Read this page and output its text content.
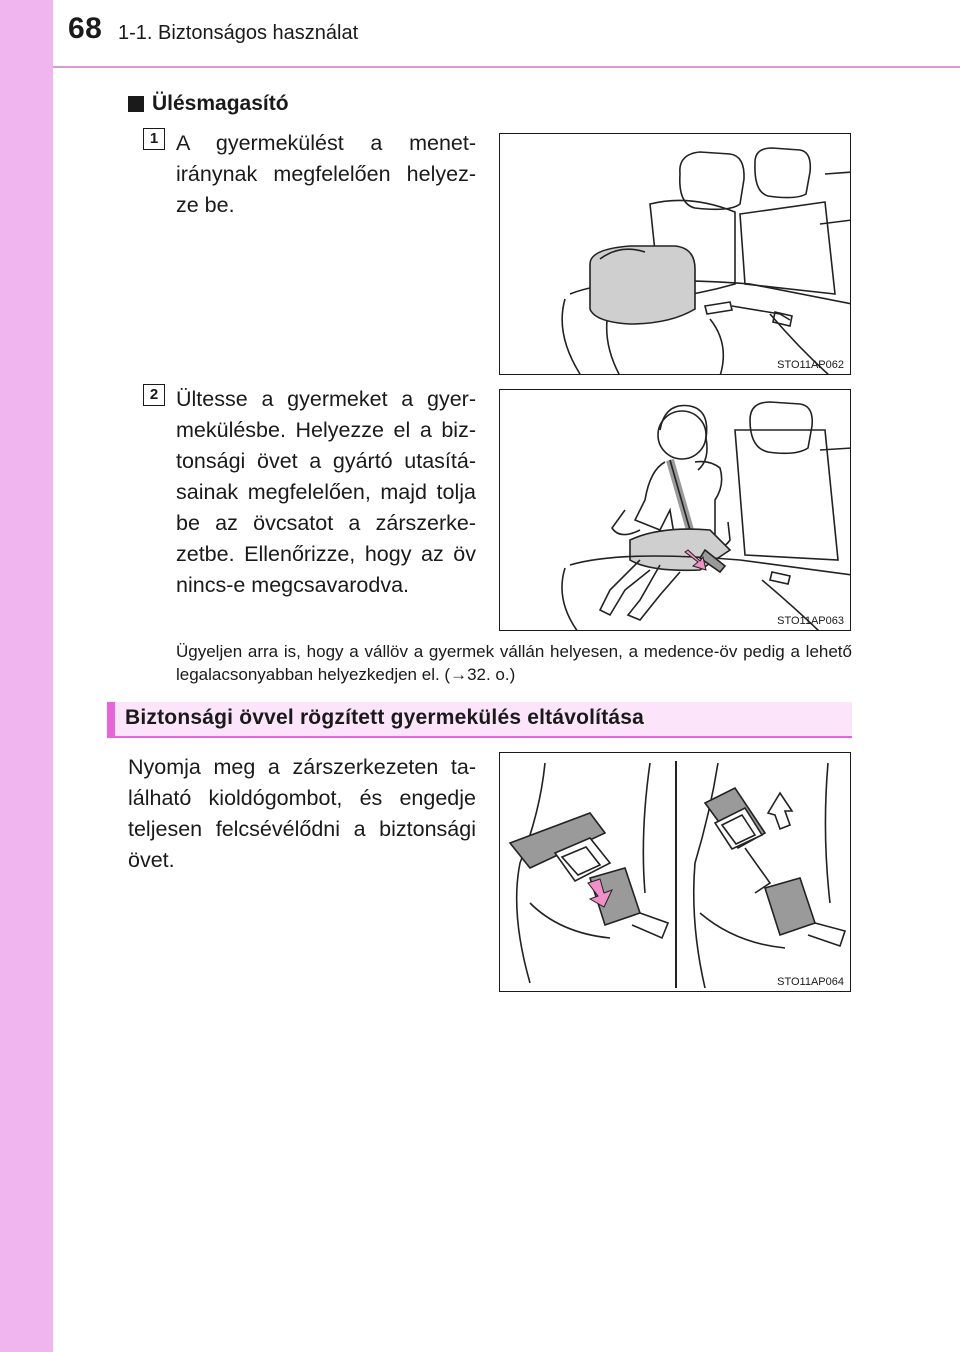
68 1-1. Biztonságos használat
Ülésmagasító
1 A gyermekülést a menet-iránynak megfelelően helyez-ze be.
STO11AP062
2 Ültesse a gyermeket a gyer-mekülésbe. Helyezze el a biz-tonsági övet a gyártó utasítá-sainak megfelelően, majd tolja be az övcsatot a zárszerke-zetbe. Ellenőrizze, hogy az öv nincs-e megcsavarodva.
STO11AP063
Ügyeljen arra is, hogy a vállöv a gyermek vállán helyesen, a medence-öv pedig a lehető legalacsonyabban helyezkedjen el. (→32. o.)
Biztonsági övvel rögzített gyermekülés eltávolítása
Nyomja meg a zárszerkezeten ta-lálható kioldógombot, és engedje teljesen felcsévélődni a biztonsági övet.
STO11AP064
